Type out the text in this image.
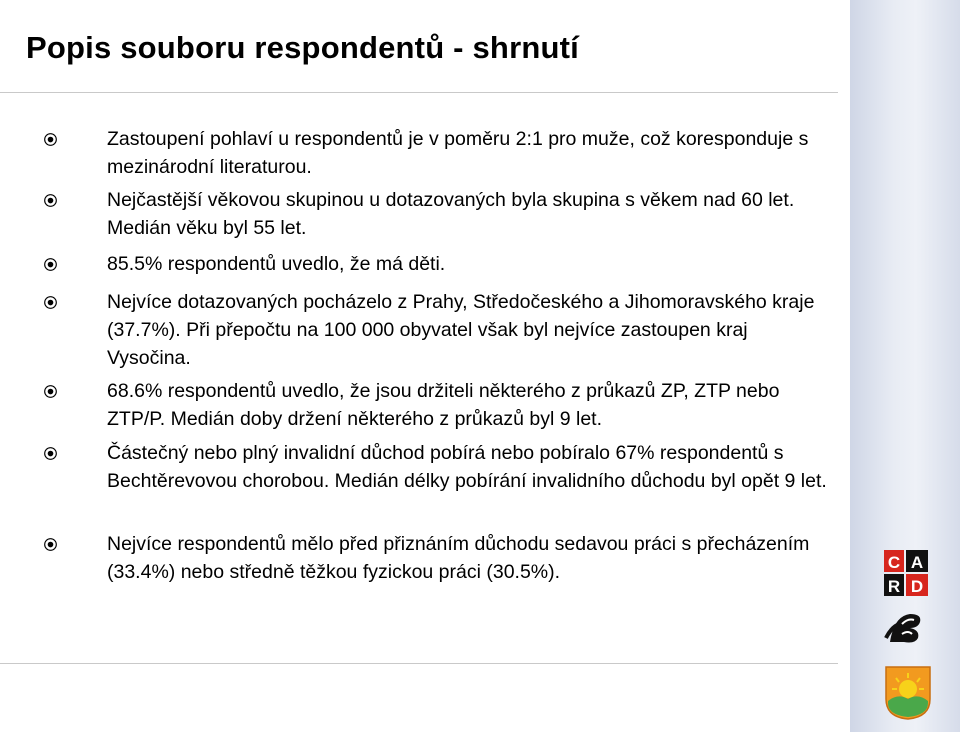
Popis souboru respondentů - shrnutí

Zastoupení pohlaví u respondentů je v poměru 2:1 pro muže, což koresponduje s mezinárodní literaturou.

Nejčastější věkovou skupinou u dotazovaných byla skupina s věkem nad 60 let. Medián věku byl 55 let.

85.5% respondentů uvedlo, že má děti.

Nejvíce dotazovaných pocházelo z Prahy, Středočeského a Jihomoravského kraje (37.7%). Při přepočtu na 100 000 obyvatel však byl nejvíce zastoupen kraj Vysočina.

68.6% respondentů uvedlo, že jsou držiteli některého z průkazů ZP, ZTP nebo ZTP/P. Medián doby držení některého z průkazů byl 9 let.

Částečný nebo plný invalidní důchod pobírá nebo pobíralo 67% respondentů s Bechtěrevovou chorobou. Medián délky pobírání invalidního důchodu byl opět 9 let.

Nejvíce respondentů mělo před přiznáním důchodu sedavou práci s přecházením (33.4%) nebo středně těžkou fyzickou práci (30.5%).	C A
R D
